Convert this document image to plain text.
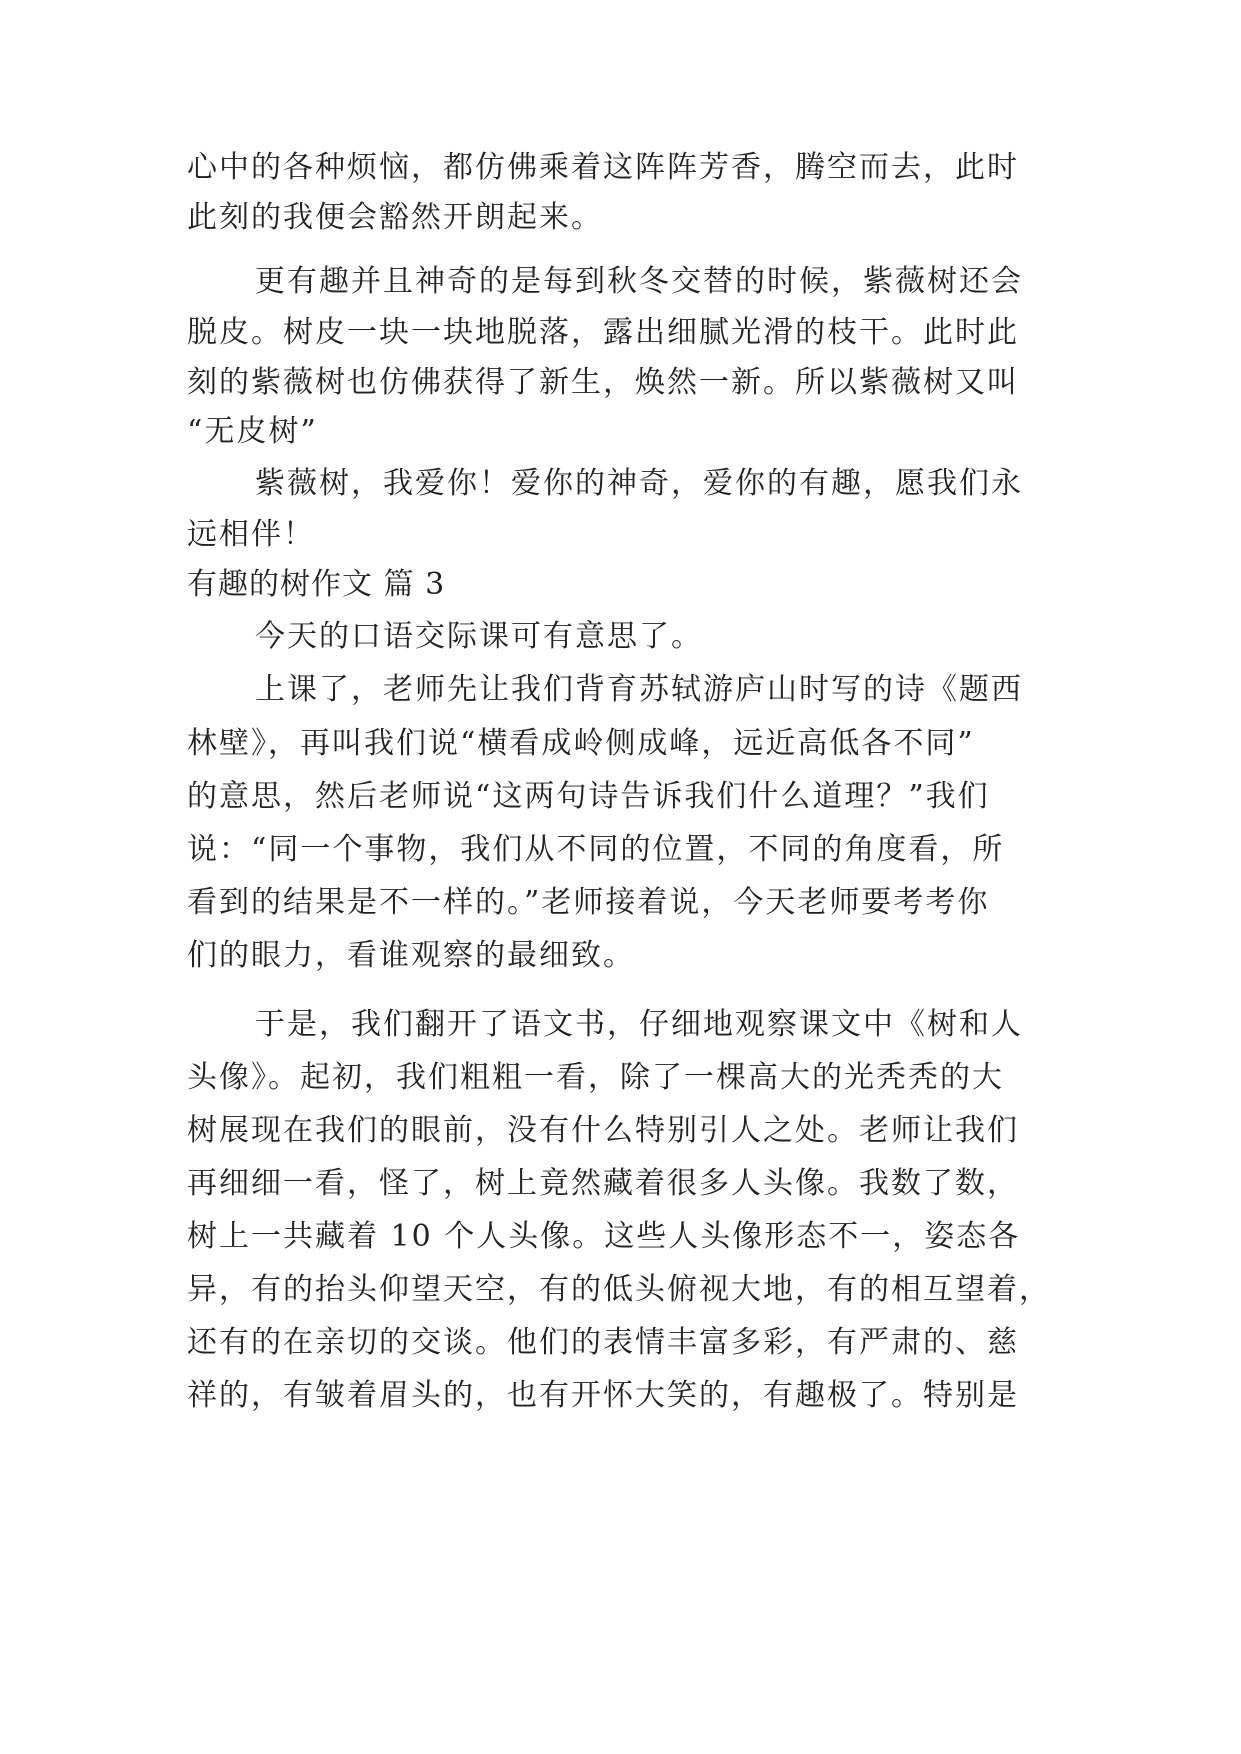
心中的各种烦恼，都仿佛乘着这阵阵芳香，腾空而去，此时
此刻的我便会豁然开朗起来。
更有趣并且神奇的是每到秋冬交替的时候，紫薇树还会
脱皮。树皮一块一块地脱落，露出细腻光滑的枝干。此时此
刻的紫薇树也仿佛获得了新生，焕然一新。所以紫薇树又叫
“无皮树”
紫薇树，我爱你！爱你的神奇，爱你的有趣，愿我们永
远相伴！
有趣的树作文 篇 3
今天的口语交际课可有意思了。
上课了，老师先让我们背育苏轼游庐山时写的诗《题西
林壁》，再叫我们说“横看成岭侧成峰，远近高低各不同”
的意思，然后老师说“这两句诗告诉我们什么道理？”我们
说：“同一个事物，我们从不同的位置，不同的角度看，所
看到的结果是不一样的。”老师接着说，今天老师要考考你
们的眼力，看谁观察的最细致。
于是，我们翻开了语文书，仔细地观察课文中《树和人
头像》。起初，我们粗粗一看，除了一棵高大的光秃秃的大
树展现在我们的眼前，没有什么特别引人之处。老师让我们
再细细一看，怪了，树上竟然藏着很多人头像。我数了数，
树上一共藏着 10 个人头像。这些人头像形态不一，姿态各
异，有的抬头仰望天空，有的低头俯视大地，有的相互望着，
还有的在亲切的交谈。他们的表情丰富多彩，有严肃的、慈
祥的，有皱着眉头的，也有开怀大笑的，有趣极了。特别是
